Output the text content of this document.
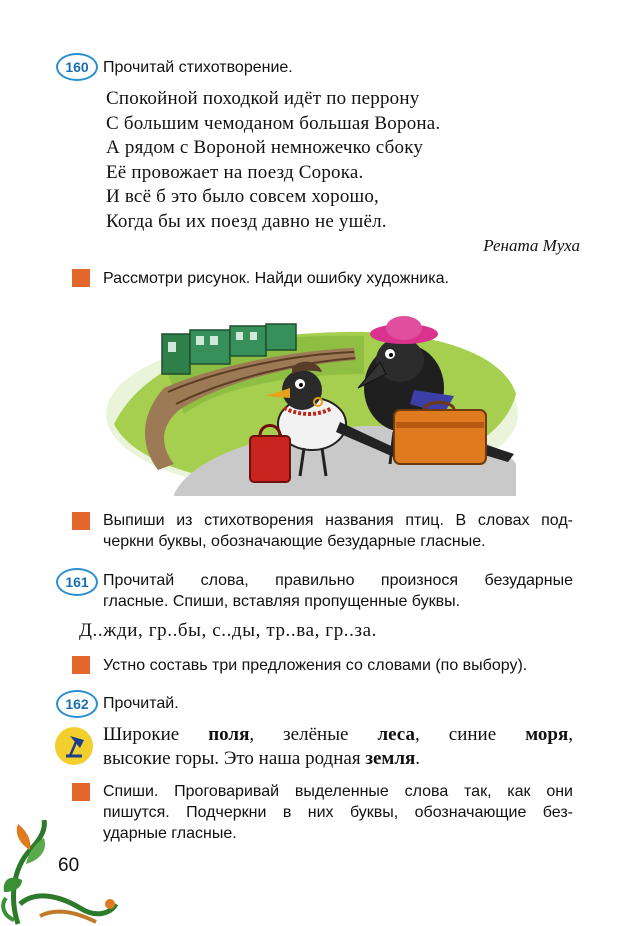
160 Прочитай стихотворение.
Спокойной походкой идёт по перрону
С большим чемоданом большая Ворона.
А рядом с Вороной немножечко сбоку
Её провожает на поезд Сорока.
И всё б это было совсем хорошо,
Когда бы их поезд давно не ушёл.
Рената Муха
Рассмотри рисунок. Найди ошибку художника.
Выпиши из стихотворения названия птиц. В словах под-
черкни буквы, обозначающие безударные гласные.
161 Прочитай слова, правильно произнося безударные
гласные. Спиши, вставляя пропущенные буквы.
Д..жди, гр..бы, с..ды, тр..ва, гр..за.
Устно составь три предложения со словами (по выбору).
162 Прочитай.
Широкие поля, зелёные леса, синие моря,
высокие горы. Это наша родная земля.
Спиши. Проговаривай выделенные слова так, как они
пишутся. Подчеркни в них буквы, обозначающие без-
ударные гласные.
60
